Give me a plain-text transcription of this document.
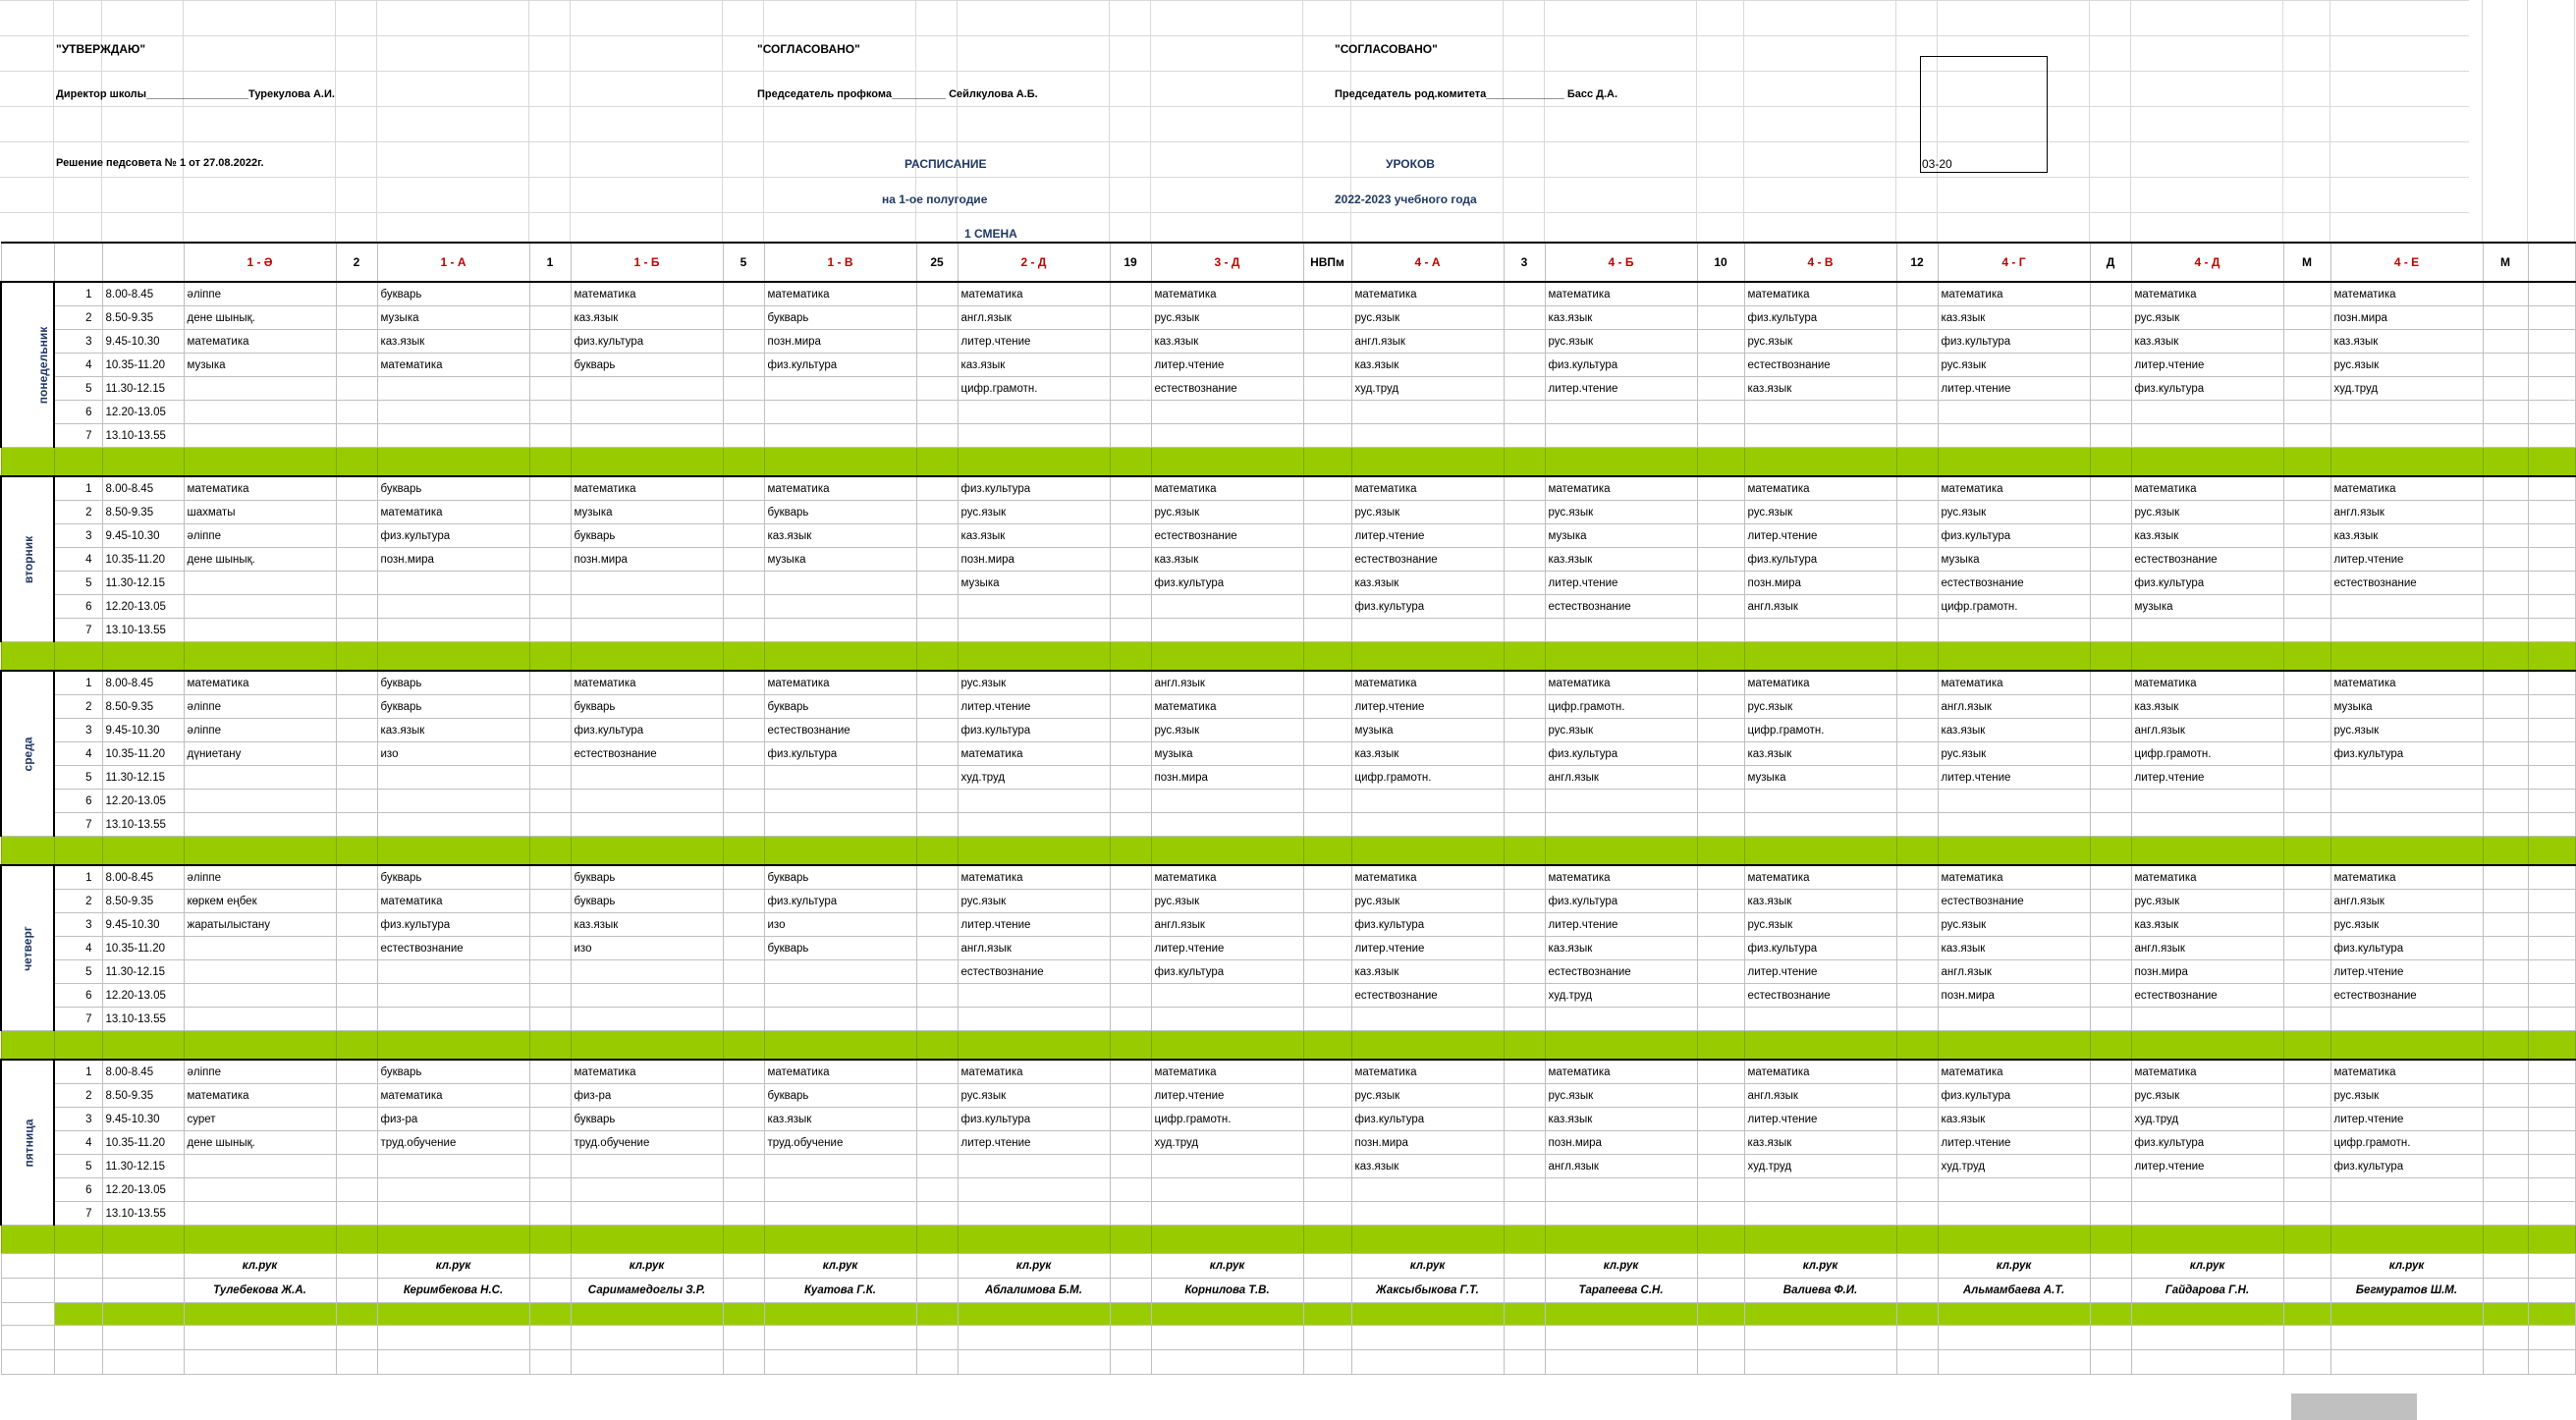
"УТВЕРЖДАЮ"	"СОГЛАСОВАНО"	"СОГЛАСОВАНО"
Директор школы_________________Турекулова А.И.	Председатель профкома_________ Сейлкулова А.Б.	Председатель род.комитета_____________ Басс Д.А.
Решение педсовета № 1 от 27.08.2022г.	РАСПИСАНИЕ	УРОКОВ	03-20
на 1-ое полугодие	2022-2023 учебного года
1 СМЕНА
			1 - Ә	2	1 - А	1	1 - Б	5	1 - В	25	2 - Д	19	3 - Д	НВПм	4 - А	3	4 - Б	10	4 - В	12	4 - Г	Д	4 - Д	М	4 - Е	М	
понедельник	1	8.00-8.45	әліппе		букварь		математика		математика		математика		математика		математика		математика		математика		математика		математика		математика		
	2	8.50-9.35	дене шынық.		музыка		каз.язык		букварь		англ.язык		рус.язык		рус.язык		каз.язык		физ.культура		каз.язык		рус.язык		позн.мира		
	3	9.45-10.30	математика		каз.язык		физ.культура		позн.мира		литер.чтение		каз.язык		англ.язык		рус.язык		рус.язык		физ.культура		каз.язык		каз.язык		
	4	10.35-11.20	музыка		математика		букварь		физ.культура		каз.язык		литер.чтение		каз.язык		физ.культура		естествознание		рус.язык		литер.чтение		рус.язык		
	5	11.30-12.15									цифр.грамотн.		естествознание		худ.труд		литер.чтение		каз.язык		литер.чтение		физ.культура		худ.труд		
	6	12.20-13.05																									
	7	13.10-13.55																									

вторник	1	8.00-8.45	математика		букварь		математика		математика		физ.культура		математика		математика		математика		математика		математика		математика		математика		
	2	8.50-9.35	шахматы		математика		музыка		букварь		рус.язык		рус.язык		рус.язык		рус.язык		рус.язык		рус.язык		рус.язык		англ.язык		
	3	9.45-10.30	әліппе		физ.культура		букварь		каз.язык		каз.язык		естествознание		литер.чтение		музыка		литер.чтение		физ.культура		каз.язык		каз.язык		
	4	10.35-11.20	дене шынық.		позн.мира		позн.мира		музыка		позн.мира		каз.язык		естествознание		каз.язык		физ.культура		музыка		естествознание		литер.чтение		
	5	11.30-12.15									музыка		физ.культура		каз.язык		литер.чтение		позн.мира		естествознание		физ.культура		естествознание		
	6	12.20-13.05													физ.культура		естествознание		англ.язык		цифр.грамотн.		музыка				
	7	13.10-13.55																									

среда	1	8.00-8.45	математика		букварь		математика		математика		рус.язык		англ.язык		математика		математика		математика		математика		математика		математика		
	2	8.50-9.35	әліппе		букварь		букварь		букварь		литер.чтение		математика		литер.чтение		цифр.грамотн.		рус.язык		англ.язык		каз.язык		музыка		
	3	9.45-10.30	әліппе		каз.язык		физ.культура		естествознание		физ.культура		рус.язык		музыка		рус.язык		цифр.грамотн.		каз.язык		англ.язык		рус.язык		
	4	10.35-11.20	дүниетану		изо		естествознание		физ.культура		математика		музыка		каз.язык		физ.культура		каз.язык		рус.язык		цифр.грамотн.		физ.культура		
	5	11.30-12.15									худ.труд		позн.мира		цифр.грамотн.		англ.язык		музыка		литер.чтение		литер.чтение				
	6	12.20-13.05																									
	7	13.10-13.55																									

четверг	1	8.00-8.45	әліппе		букварь		букварь		букварь		математика		математика		математика		математика		математика		математика		математика		математика		
	2	8.50-9.35	көркем еңбек		математика		букварь		физ.культура		рус.язык		рус.язык		рус.язык		физ.культура		каз.язык		естествознание		рус.язык		англ.язык		
	3	9.45-10.30	жаратылыстану		физ.культура		каз.язык		изо		литер.чтение		англ.язык		физ.культура		литер.чтение		рус.язык		рус.язык		каз.язык		рус.язык		
	4	10.35-11.20			естествознание		изо		букварь		англ.язык		литер.чтение		литер.чтение		каз.язык		физ.культура		каз.язык		англ.язык		физ.культура		
	5	11.30-12.15									естествознание		физ.культура		каз.язык		естествознание		литер.чтение		англ.язык		позн.мира		литер.чтение		
	6	12.20-13.05													естествознание		худ.труд		естествознание		позн.мира		естествознание		естествознание		
	7	13.10-13.55																									

пятница	1	8.00-8.45	әліппе		букварь		математика		математика		математика		математика		математика		математика		математика		математика		математика		математика		
	2	8.50-9.35	математика		математика		физ-ра		букварь		рус.язык		литер.чтение		рус.язык		рус.язык		англ.язык		физ.культура		рус.язык		рус.язык		
	3	9.45-10.30	сурет		физ-ра		букварь		каз.язык		физ.культура		цифр.грамотн.		физ.культура		каз.язык		литер.чтение		каз.язык		худ.труд		литер.чтение		
	4	10.35-11.20	дене шынық.		труд.обучение		труд.обучение		труд.обучение		литер.чтение		худ.труд		позн.мира		позн.мира		каз.язык		литер.чтение		физ.культура		цифр.грамотн.		
	5	11.30-12.15													каз.язык		англ.язык		худ.труд		худ.труд		литер.чтение		физ.культура		
	6	12.20-13.05																									
	7	13.10-13.55																									

			кл.рук		кл.рук		кл.рук		кл.рук		кл.рук		кл.рук		кл.рук		кл.рук		кл.рук		кл.рук		кл.рук		кл.рук		
			Тулебекова Ж.А.		Керимбекова Н.С.		Саримамедоглы З.Р.		Куатова Г.К.		Аблалимова Б.М.		Корнилова Т.В.		Жаксыбыкова Г.Т.		Тарапеева С.Н.		Валиева Ф.И.		Альмамбаева А.Т.		Гайдарова Г.Н.		Бегмуратов Ш.М.		
